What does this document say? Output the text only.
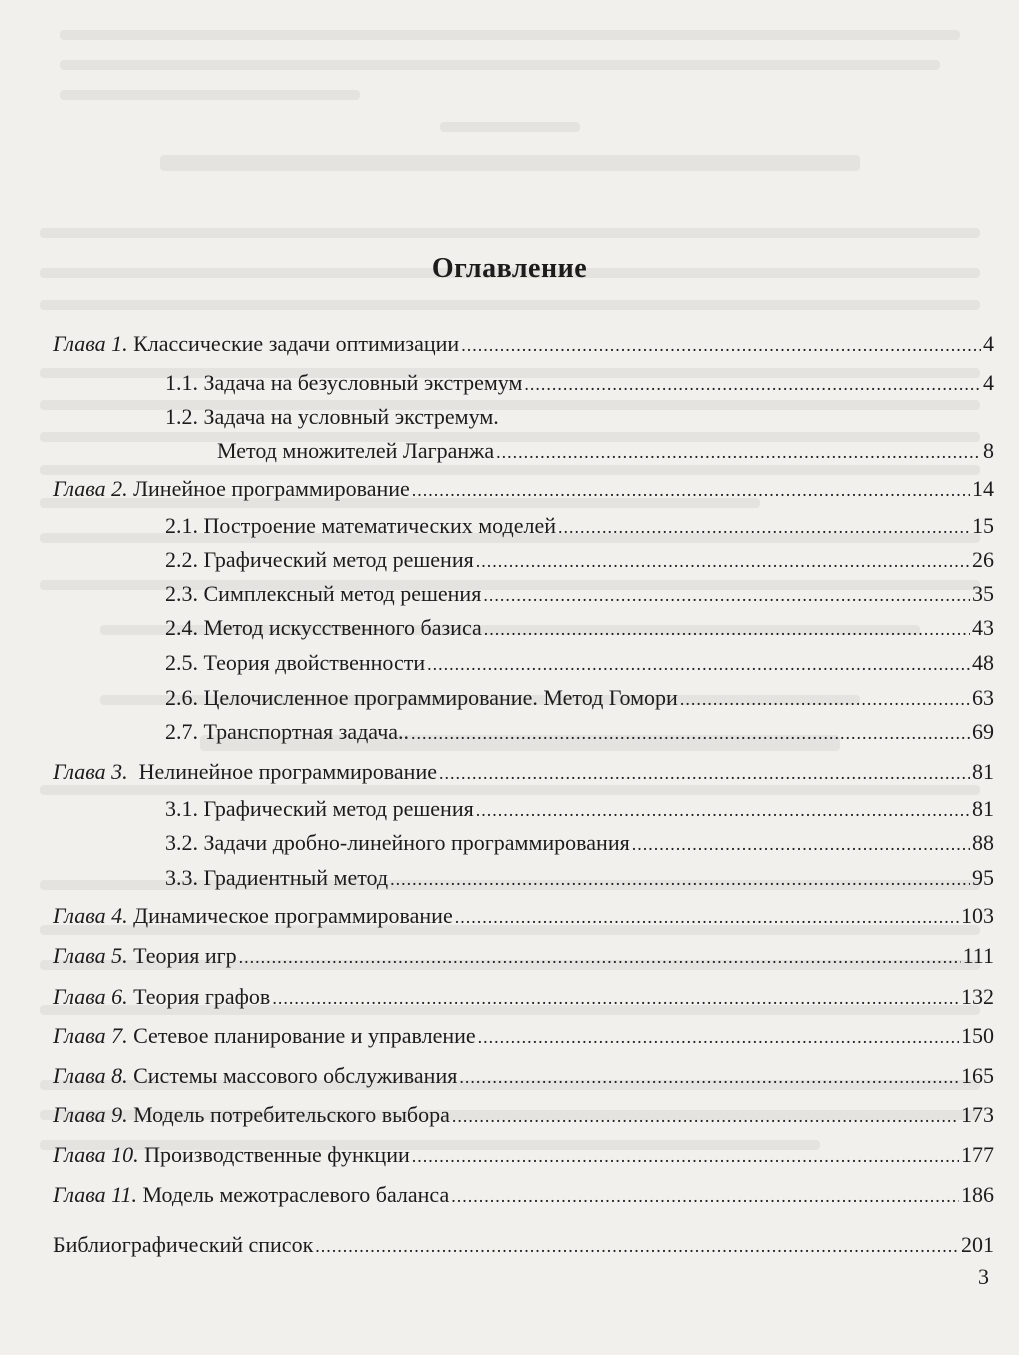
Оглавление
Глава 1. Классические задачи оптимизации .....	4
1.1. Задача на безусловный экстремум .....	4
1.2. Задача на условный экстремум.
Метод множителей Лагранжа .....	8
Глава 2. Линейное программирование .....	14
2.1. Построение математических моделей .....	15
2.2. Графический метод решения .....	26
2.3. Симплексный метод решения .....	35
2.4. Метод искусственного базиса .....	43
2.5. Теория двойственности .....	48
2.6. Целочисленное программирование. Метод Гомори .....	63
2.7. Транспортная задача.. .....	69
Глава 3. Нелинейное программирование .....	81
3.1. Графический метод решения .....	81
3.2. Задачи дробно-линейного программирования .....	88
3.3. Градиентный метод .....	95
Глава 4. Динамическое программирование .....	103
Глава 5. Теория игр .....	111
Глава 6. Теория графов .....	132
Глава 7. Сетевое планирование и управление .....	150
Глава 8. Системы массового обслуживания .....	165
Глава 9. Модель потребительского выбора .....	173
Глава 10. Производственные функции .....	177
Глава 11. Модель межотраслевого баланса .....	186
Библиографический список .....	201
3
